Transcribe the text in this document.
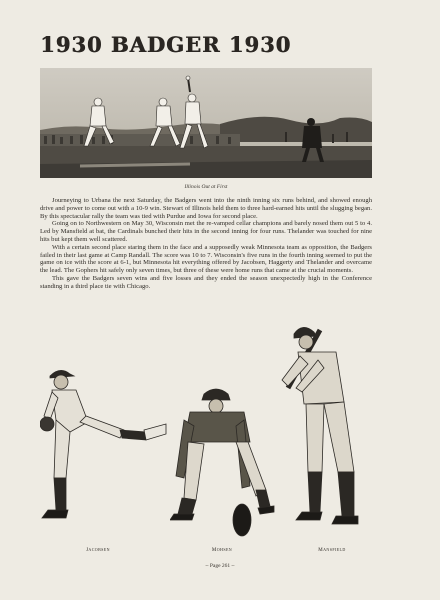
1930 BADGER 1930
Illinois Out at First

Journeying to Urbana the next Saturday, the Badgers went into the ninth inning six runs behind, and showed enough drive and power to come out with a 10-9 win. Stewart of Illinois held them to three hard-earned hits until the slugging began. By this spectacular rally the team was tied with Purdue and Iowa for second place.

Going on to Northwestern on May 30, Wisconsin met the re-vamped cellar champions and barely nosed them out 5 to 4. Led by Mansfield at bat, the Cardinals bunched their hits in the second inning for four runs. Thelander was touched for nine hits but kept them well scattered.

With a certain second place staring them in the face and a supposedly weak Minnesota team as opposition, the Badgers failed in their last game at Camp Randall. The score was 10 to 7. Wisconsin's five runs in the fourth inning seemed to put the game on ice with the score at 6-1, but Minnesota hit everything offered by Jacobsen, Haggerty and Thelander and overcame the lead. The Gophers hit safely only seven times, but three of these were home runs that came at the crucial moments.

This gave the Badgers seven wins and five losses and they ended the season unexpectedly high in the Conference standing in a third place tie with Chicago.

Jacobsen	Mohsen	Mansfield
~ Page 261 ~
